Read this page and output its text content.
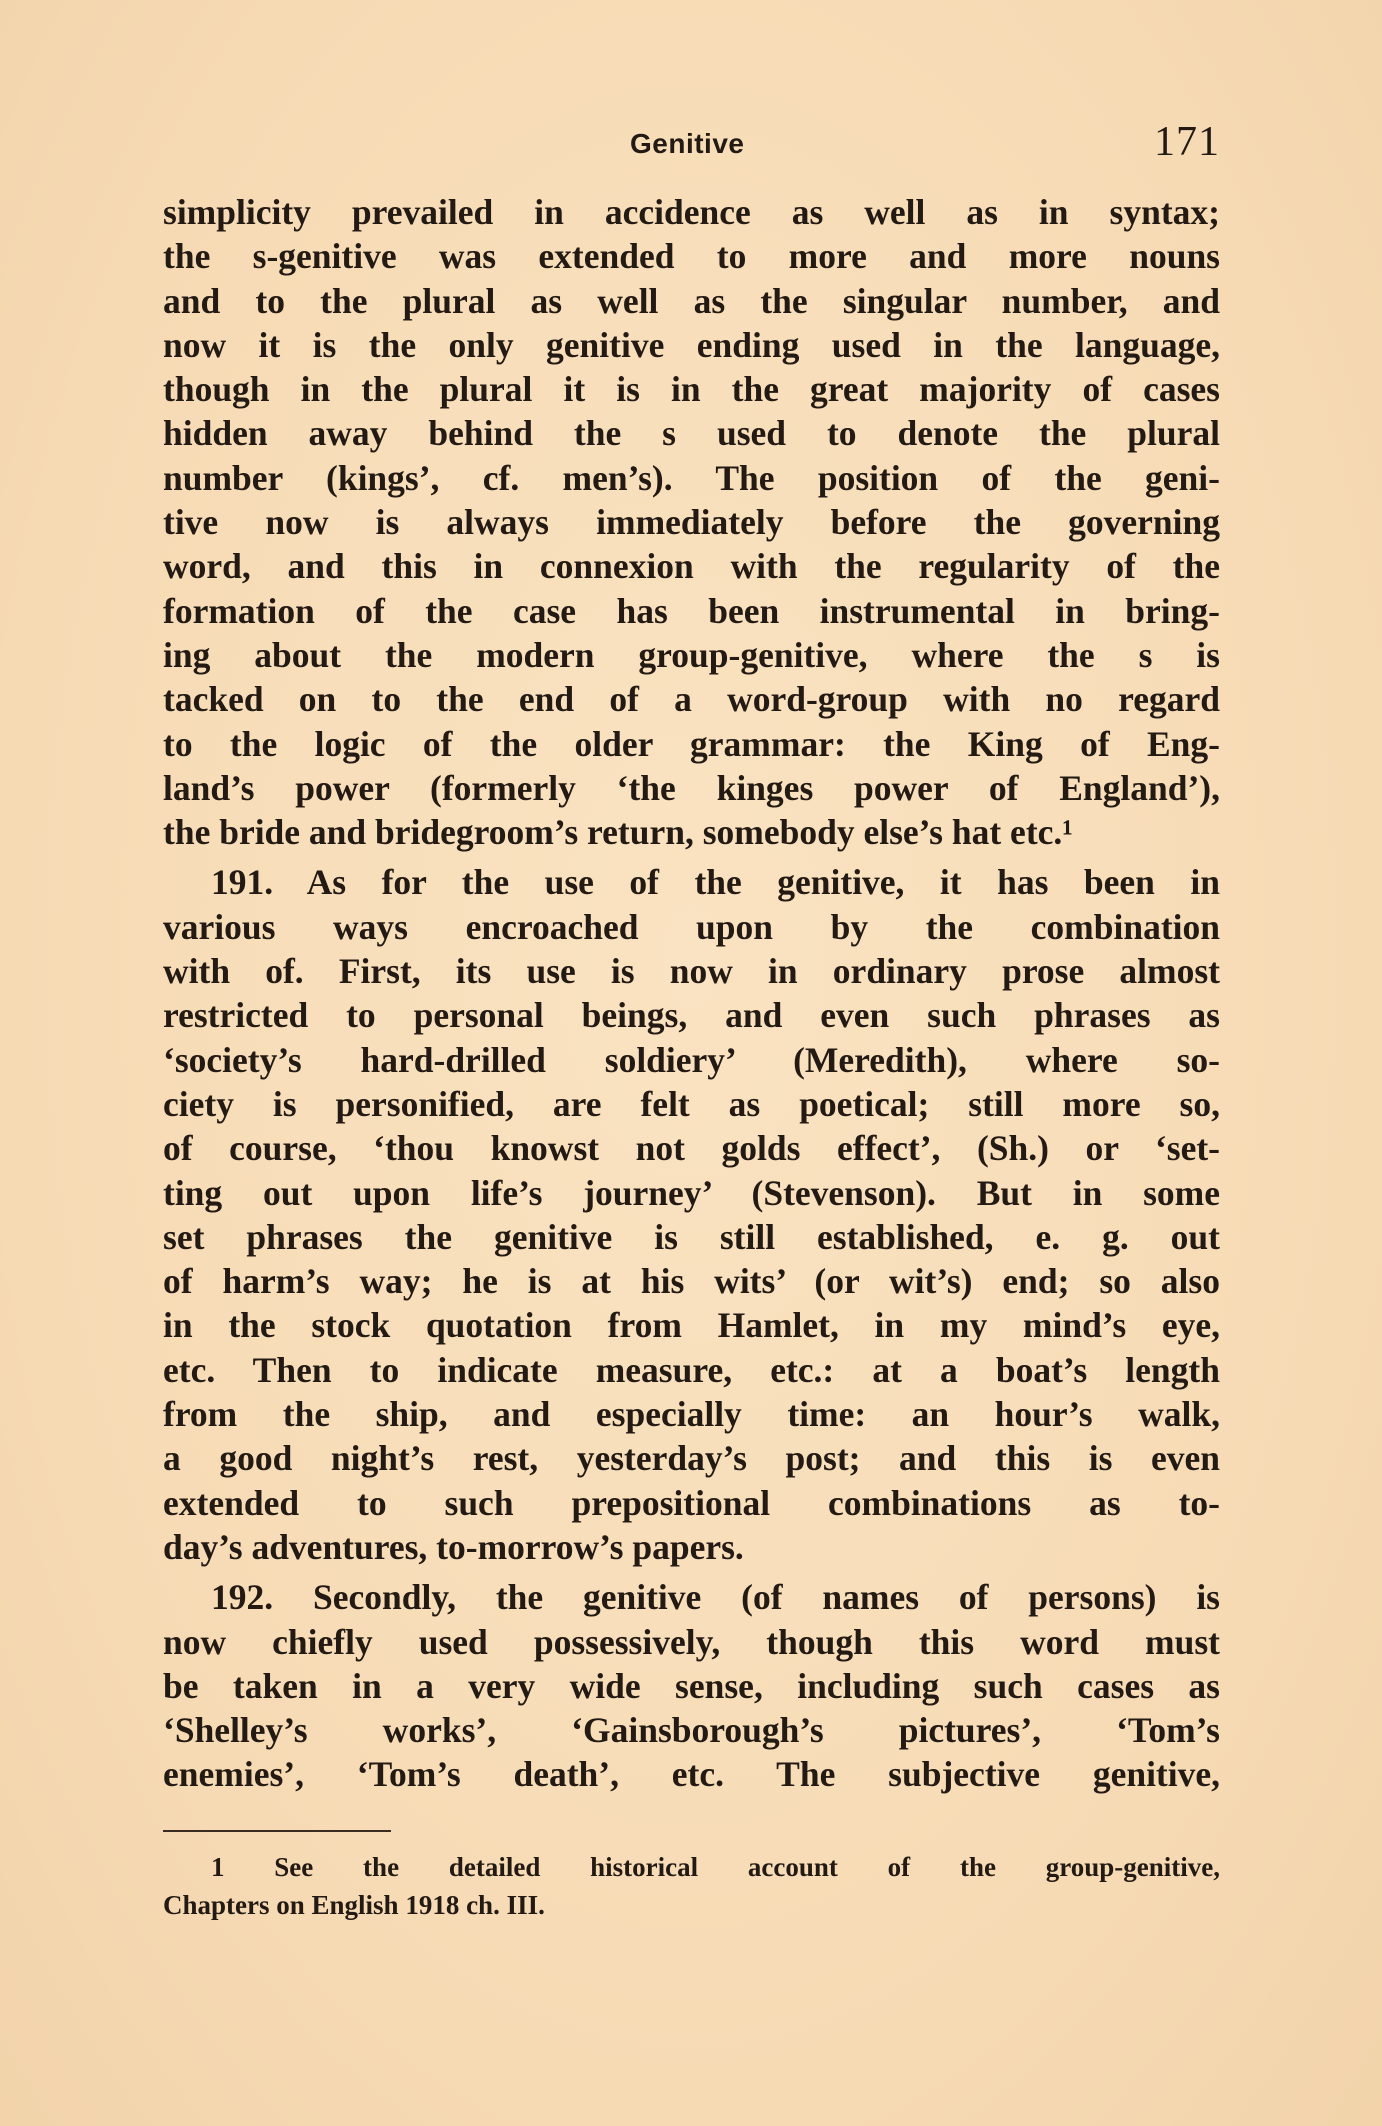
Genitive	171
simplicity prevailed in accidence as well as in syntax;
the s-genitive was extended to more and more nouns
and to the plural as well as the singular number, and
now it is the only genitive ending used in the language,
though in the plural it is in the great majority of cases
hidden away behind the s used to denote the plural
number (kings’, cf. men’s). The position of the geni-
tive now is always immediately before the governing
word, and this in connexion with the regularity of the
formation of the case has been instrumental in bring-
ing about the modern group-genitive, where the s is
tacked on to the end of a word-group with no regard
to the logic of the older grammar: the King of Eng-
land’s power (formerly ‘the kinges power of England’),
the bride and bridegroom’s return, somebody else’s hat etc.¹
191. As for the use of the genitive, it has been in
various ways encroached upon by the combination
with of. First, its use is now in ordinary prose almost
restricted to personal beings, and even such phrases as
‘society’s hard-drilled soldiery’ (Meredith), where so-
ciety is personified, are felt as poetical; still more so,
of course, ‘thou knowst not golds effect’, (Sh.) or ‘set-
ting out upon life’s journey’ (Stevenson). But in some
set phrases the genitive is still established, e. g. out
of harm’s way; he is at his wits’ (or wit’s) end; so also
in the stock quotation from Hamlet, in my mind’s eye,
etc. Then to indicate measure, etc.: at a boat’s length
from the ship, and especially time: an hour’s walk,
a good night’s rest, yesterday’s post; and this is even
extended to such prepositional combinations as to-
day’s adventures, to-morrow’s papers.
192. Secondly, the genitive (of names of persons) is
now chiefly used possessively, though this word must
be taken in a very wide sense, including such cases as
‘Shelley’s works’, ‘Gainsborough’s pictures’, ‘Tom’s
enemies’, ‘Tom’s death’, etc. The subjective genitive,
1 See the detailed historical account of the group-genitive,
Chapters on English 1918 ch. III.
